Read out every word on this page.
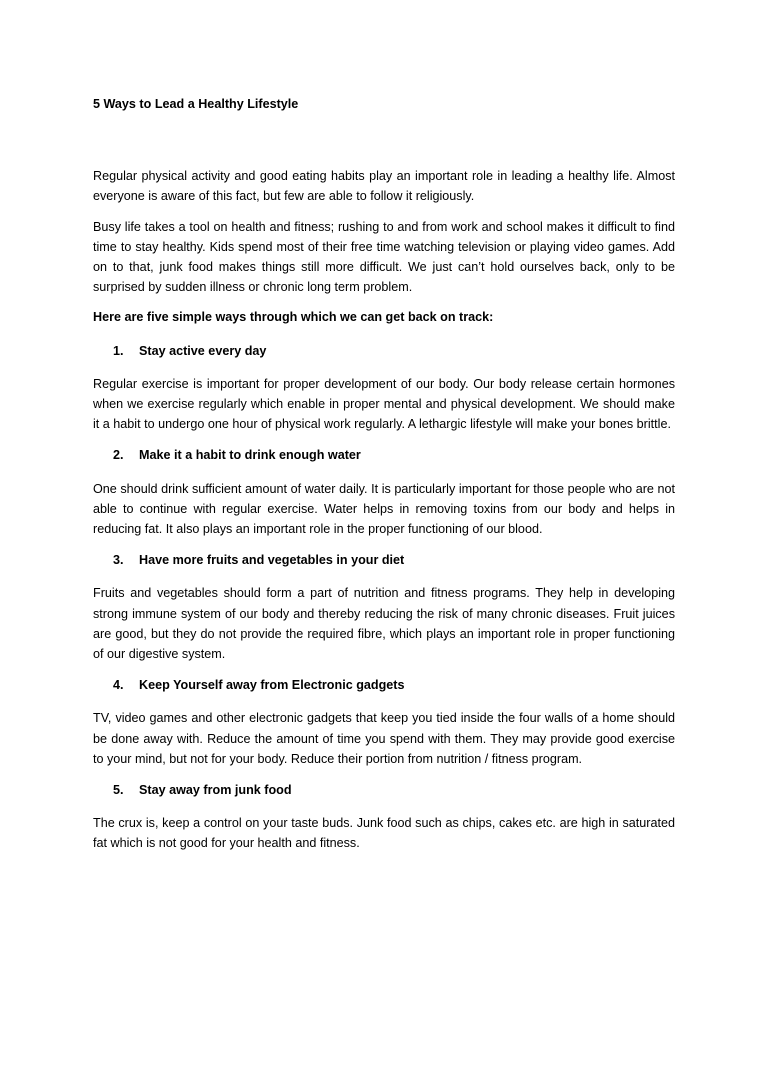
5 Ways to Lead a Healthy Lifestyle

Regular physical activity and good eating habits play an important role in leading a healthy life. Almost everyone is aware of this fact, but few are able to follow it religiously.

Busy life takes a tool on health and fitness; rushing to and from work and school makes it difficult to find time to stay healthy. Kids spend most of their free time watching television or playing video games. Add on to that, junk food makes things still more difficult. We just can’t hold ourselves back, only to be surprised by sudden illness or chronic long term problem.

Here are five simple ways through which we can get back on track:

1.	Stay active every day

Regular exercise is important for proper development of our body. Our body release certain hormones when we exercise regularly which enable in proper mental and physical development. We should make it a habit to undergo one hour of physical work regularly. A lethargic lifestyle will make your bones brittle.

2.	Make it a habit to drink enough water

One should drink sufficient amount of water daily. It is particularly important for those people who are not able to continue with regular exercise. Water helps in removing toxins from our body and helps in reducing fat. It also plays an important role in the proper functioning of our blood.

3.	Have more fruits and vegetables in your diet

Fruits and vegetables should form a part of nutrition and fitness programs. They help in developing strong immune system of our body and thereby reducing the risk of many chronic diseases. Fruit juices are good, but they do not provide the required fibre, which plays an important role in proper functioning of our digestive system.

4.	Keep Yourself away from Electronic gadgets

TV, video games and other electronic gadgets that keep you tied inside the four walls of a home should be done away with. Reduce the amount of time you spend with them. They may provide good exercise to your mind, but not for your body. Reduce their portion from nutrition / fitness program.

5.	Stay away from junk food

The crux is, keep a control on your taste buds. Junk food such as chips, cakes etc. are high in saturated fat which is not good for your health and fitness.
